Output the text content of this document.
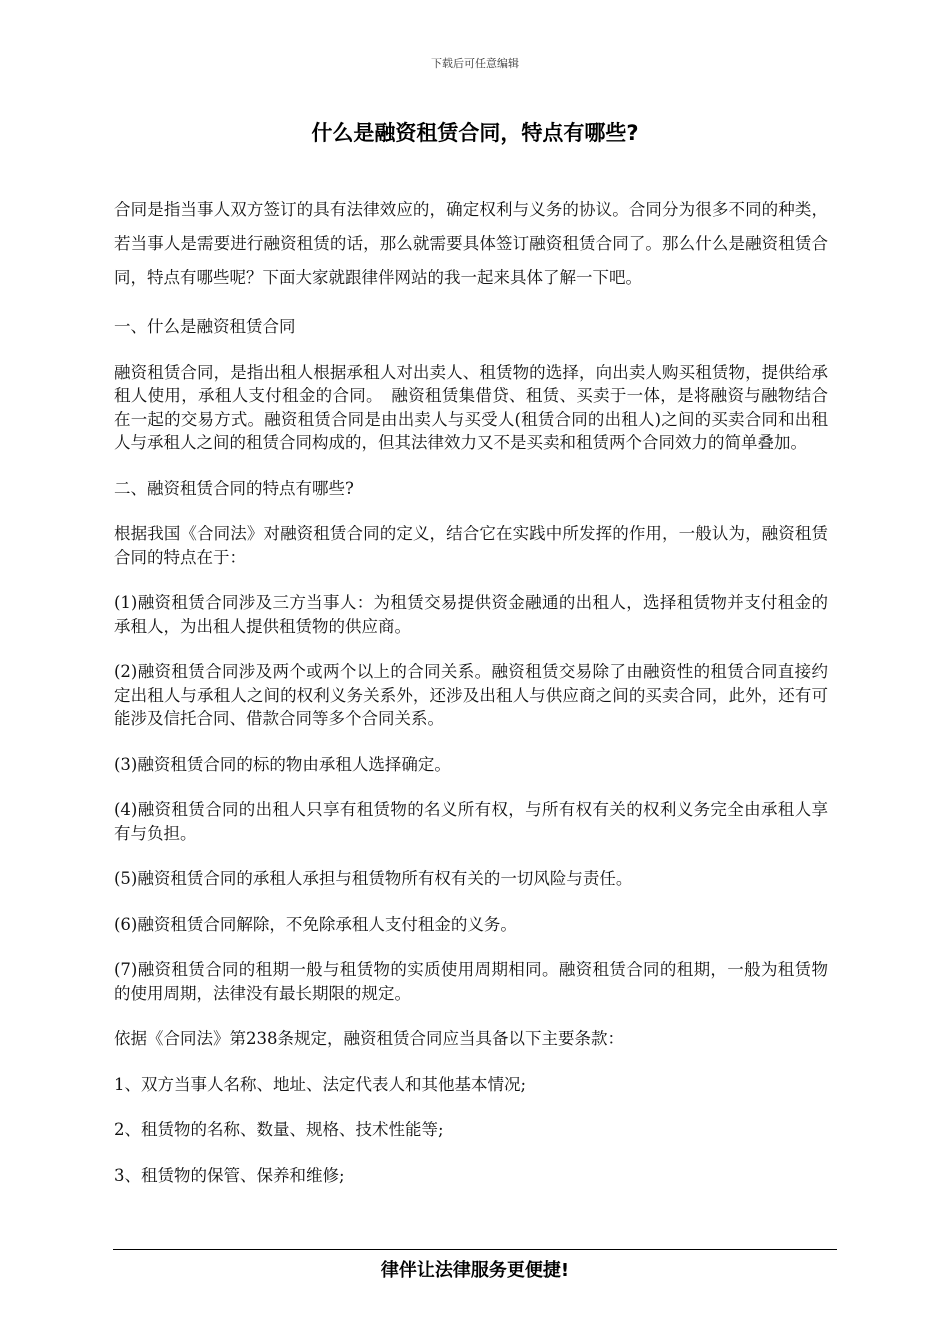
下载后可任意编辑
什么是融资租赁合同，特点有哪些?

合同是指当事人双方签订的具有法律效应的，确定权利与义务的协议。合同分为很多不同的种类，若当事人是需要进行融资租赁的话，那么就需要具体签订融资租赁合同了。那么什么是融资租赁合同，特点有哪些呢？下面大家就跟律伴网站的我一起来具体了解一下吧。

一、什么是融资租赁合同

融资租赁合同，是指出租人根据承租人对出卖人、租赁物的选择，向出卖人购买租赁物，提供给承租人使用，承租人支付租金的合同。　融资租赁集借贷、租赁、买卖于一体，是将融资与融物结合在一起的交易方式。融资租赁合同是由出卖人与买受人(租赁合同的出租人)之间的买卖合同和出租人与承租人之间的租赁合同构成的，但其法律效力又不是买卖和租赁两个合同效力的简单叠加。

二、融资租赁合同的特点有哪些?

根据我国《合同法》对融资租赁合同的定义，结合它在实践中所发挥的作用，一般认为，融资租赁合同的特点在于：

(1)融资租赁合同涉及三方当事人：为租赁交易提供资金融通的出租人，选择租赁物并支付租金的承租人，为出租人提供租赁物的供应商。

(2)融资租赁合同涉及两个或两个以上的合同关系。融资租赁交易除了由融资性的租赁合同直接约定出租人与承租人之间的权利义务关系外，还涉及出租人与供应商之间的买卖合同，此外，还有可能涉及信托合同、借款合同等多个合同关系。

(3)融资租赁合同的标的物由承租人选择确定。

(4)融资租赁合同的出租人只享有租赁物的名义所有权，与所有权有关的权利义务完全由承租人享有与负担。

(5)融资租赁合同的承租人承担与租赁物所有权有关的一切风险与责任。

(6)融资租赁合同解除，不免除承租人支付租金的义务。

(7)融资租赁合同的租期一般与租赁物的实质使用周期相同。融资租赁合同的租期，一般为租赁物的使用周期，法律没有最长期限的规定。

依据《合同法》第238条规定，融资租赁合同应当具备以下主要条款：

1、双方当事人名称、地址、法定代表人和其他基本情况;

2、租赁物的名称、数量、规格、技术性能等;

3、租赁物的保管、保养和维修;

律伴让法律服务更便捷!
